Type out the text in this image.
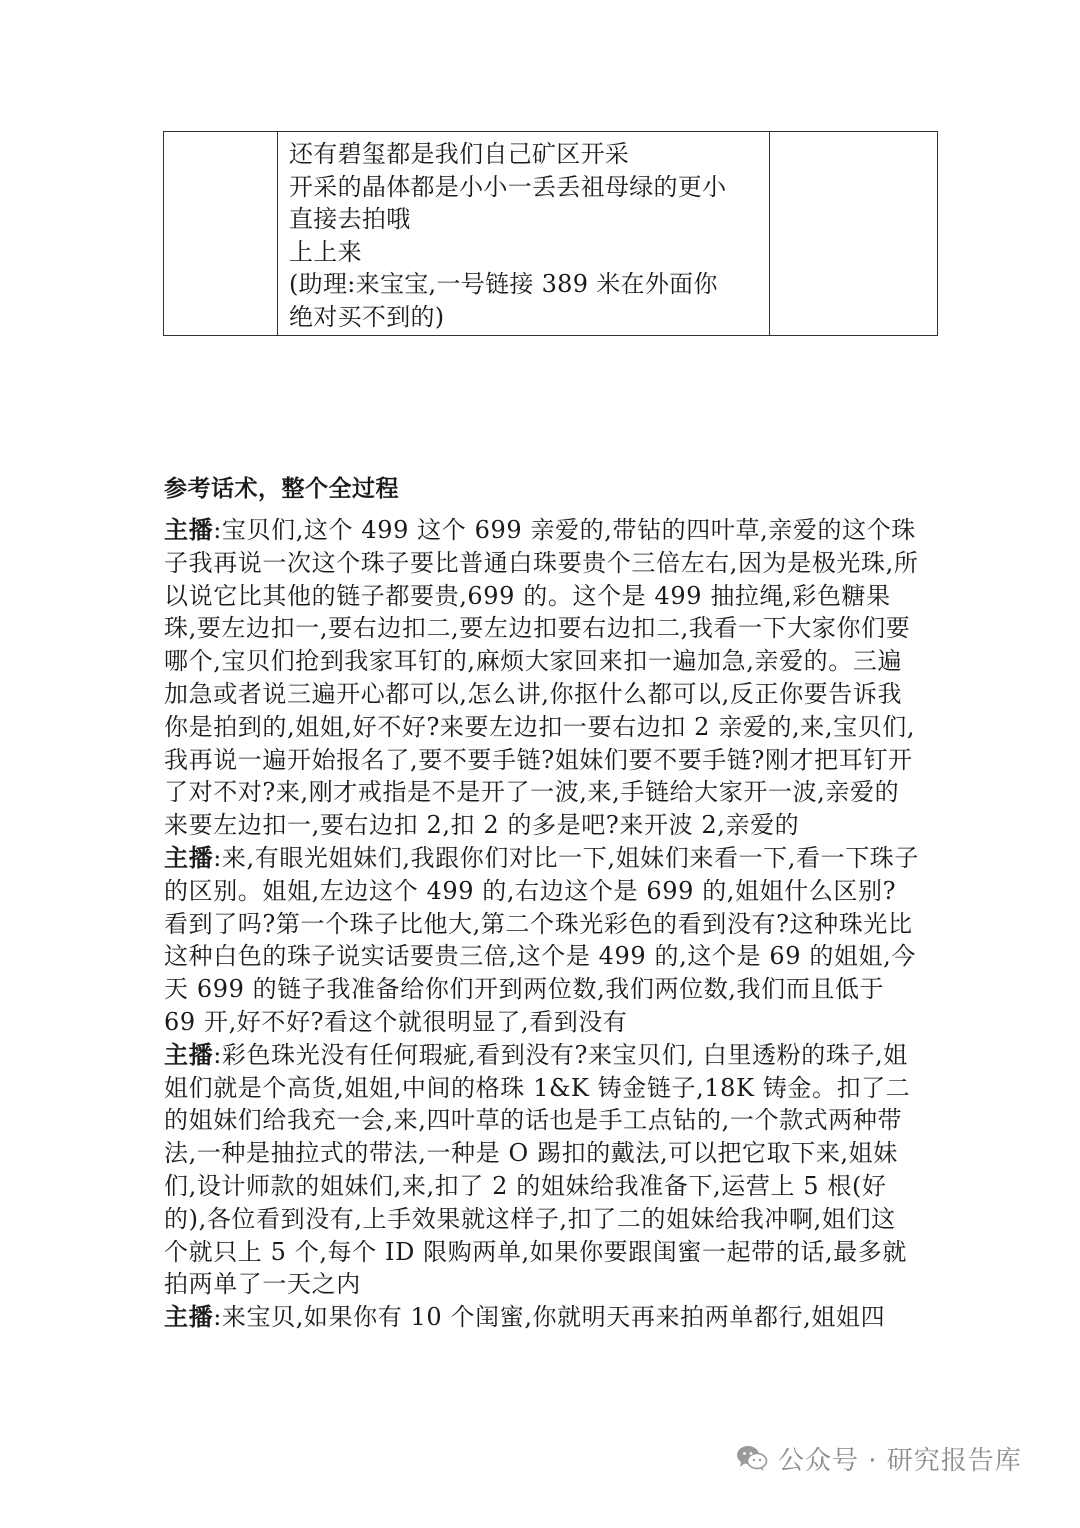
还有碧玺都是我们自己矿区开采
开采的晶体都是小小一丢丢祖母绿的更小
直接去拍哦
上上来
(助理:来宝宝,一号链接 389 米在外面你
绝对买不到的)

参考话术，整个全过程

主播:宝贝们,这个 499 这个 699 亲爱的,带钻的四叶草,亲爱的这个珠子我再说一次这个珠子要比普通白珠要贵个三倍左右,因为是极光珠,所以说它比其他的链子都要贵,699 的。这个是 499 抽拉绳,彩色糖果珠,要左边扣一,要右边扣二,要左边扣要右边扣二,我看一下大家你们要哪个,宝贝们抢到我家耳钉的,麻烦大家回来扣一遍加急,亲爱的。三遍加急或者说三遍开心都可以,怎么讲,你抠什么都可以,反正你要告诉我你是拍到的,姐姐,好不好?来要左边扣一要右边扣 2 亲爱的,来,宝贝们,我再说一遍开始报名了,要不要手链?姐妹们要不要手链?刚才把耳钉开了对不对?来,刚才戒指是不是开了一波,来,手链给大家开一波,亲爱的来要左边扣一,要右边扣 2,扣 2 的多是吧?来开波 2,亲爱的

主播:来,有眼光姐妹们,我跟你们对比一下,姐妹们来看一下,看一下珠子的区别。姐姐,左边这个 499 的,右边这个是 699 的,姐姐什么区别?看到了吗?第一个珠子比他大,第二个珠光彩色的看到没有?这种珠光比这种白色的珠子说实话要贵三倍,这个是 499 的,这个是 69 的姐姐,今天 699 的链子我准备给你们开到两位数,我们两位数,我们而且低于 69 开,好不好?看这个就很明显了,看到没有

主播:彩色珠光没有任何瑕疵,看到没有?来宝贝们, 白里透粉的珠子,姐姐们就是个高货,姐姐,中间的格珠 1&K 铸金链子,18K 铸金。扣了二的姐妹们给我充一会,来,四叶草的话也是手工点钻的,一个款式两种带法,一种是抽拉式的带法,一种是 O 踢扣的戴法,可以把它取下来,姐妹们,设计师款的姐妹们,来,扣了 2 的姐妹给我准备下,运营上 5 根(好的),各位看到没有,上手效果就这样子,扣了二的姐妹给我冲啊,姐们这个就只上 5 个,每个 ID 限购两单,如果你要跟闺蜜一起带的话,最多就拍两单了一天之内

主播:来宝贝,如果你有 10 个闺蜜,你就明天再来拍两单都行,姐姐四

公众号 · 研究报告库
